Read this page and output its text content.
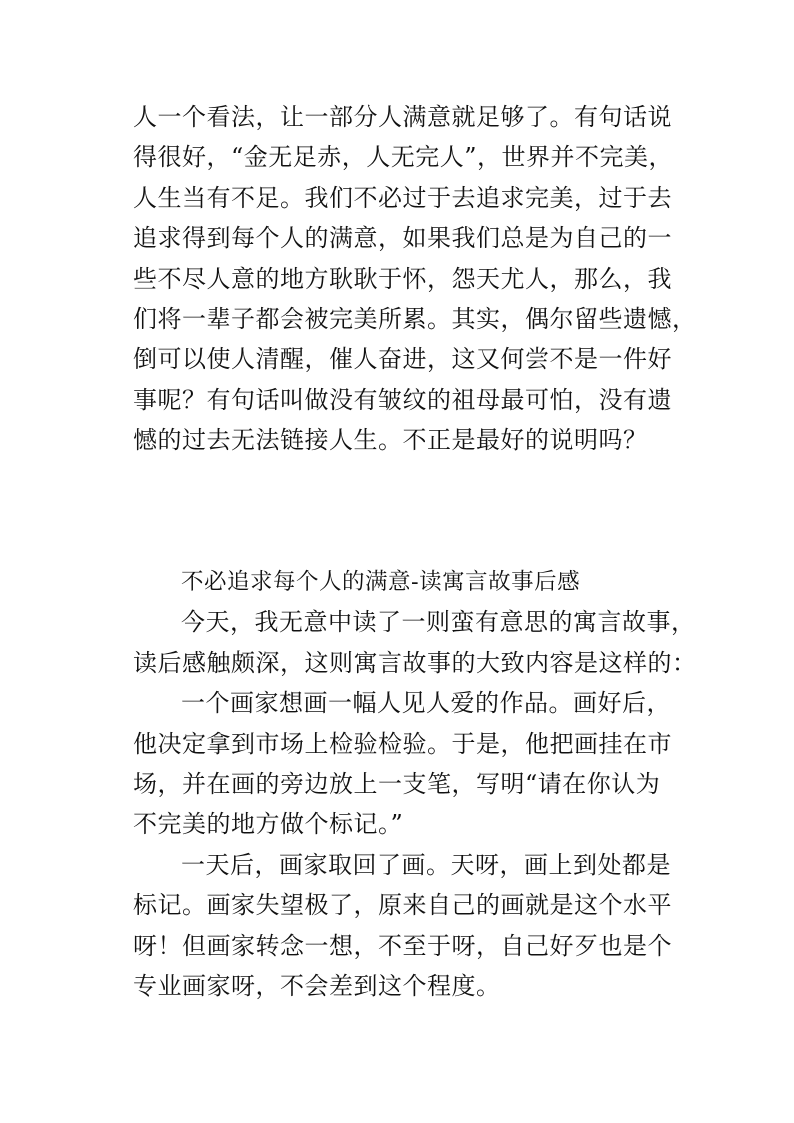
人一个看法，让一部分人满意就足够了。有句话说
得很好，“金无足赤，人无完人”，世界并不完美，
人生当有不足。我们不必过于去追求完美，过于去
追求得到每个人的满意，如果我们总是为自己的一
些不尽人意的地方耿耿于怀，怨天尤人，那么，我
们将一辈子都会被完美所累。其实，偶尔留些遗憾，
倒可以使人清醒，催人奋进，这又何尝不是一件好
事呢？有句话叫做没有皱纹的祖母最可怕，没有遗
憾的过去无法链接人生。不正是最好的说明吗？
不必追求每个人的满意-读寓言故事后感
今天，我无意中读了一则蛮有意思的寓言故事，
读后感触颇深，这则寓言故事的大致内容是这样的：
一个画家想画一幅人见人爱的作品。画好后，
他决定拿到市场上检验检验。于是，他把画挂在市
场，并在画的旁边放上一支笔，写明“请在你认为
不完美的地方做个标记。”
一天后，画家取回了画。天呀，画上到处都是
标记。画家失望极了，原来自己的画就是这个水平
呀！但画家转念一想，不至于呀，自己好歹也是个
专业画家呀，不会差到这个程度。
